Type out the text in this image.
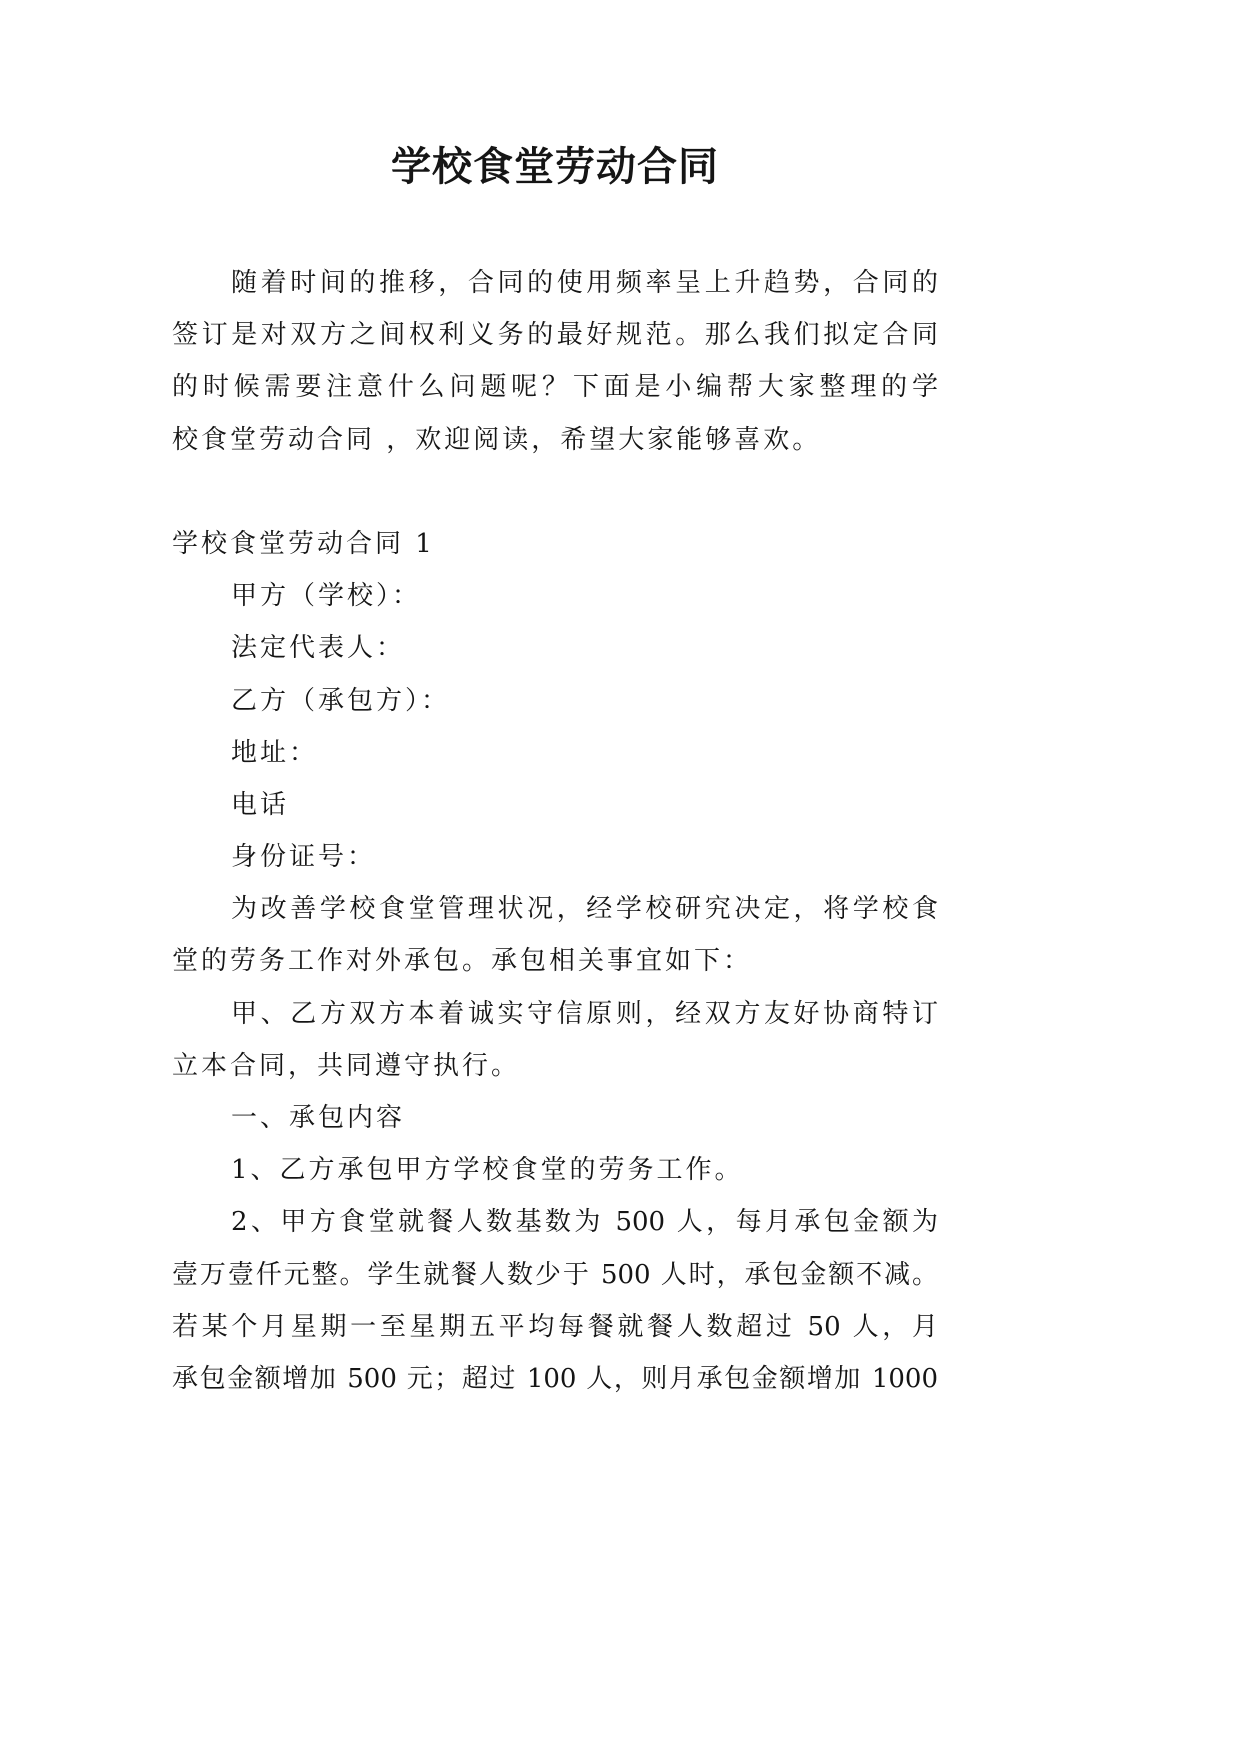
学校食堂劳动合同
随着时间的推移，合同的使用频率呈上升趋势，合同的
签订是对双方之间权利义务的最好规范。那么我们拟定合同
的时候需要注意什么问题呢？下面是小编帮大家整理的学
校食堂劳动合同 ，欢迎阅读，希望大家能够喜欢。
学校食堂劳动合同 1
甲方（学校）：
法定代表人：
乙方（承包方）：
地址：
电话
身份证号：
为改善学校食堂管理状况，经学校研究决定，将学校食
堂的劳务工作对外承包。承包相关事宜如下：
甲、乙方双方本着诚实守信原则，经双方友好协商特订
立本合同，共同遵守执行。
一、承包内容
1、乙方承包甲方学校食堂的劳务工作。
2、甲方食堂就餐人数基数为 500 人，每月承包金额为
壹万壹仟元整。学生就餐人数少于 500 人时，承包金额不减。
若某个月星期一至星期五平均每餐就餐人数超过 50 人，月
承包金额增加 500 元；超过 100 人，则月承包金额增加 1000
